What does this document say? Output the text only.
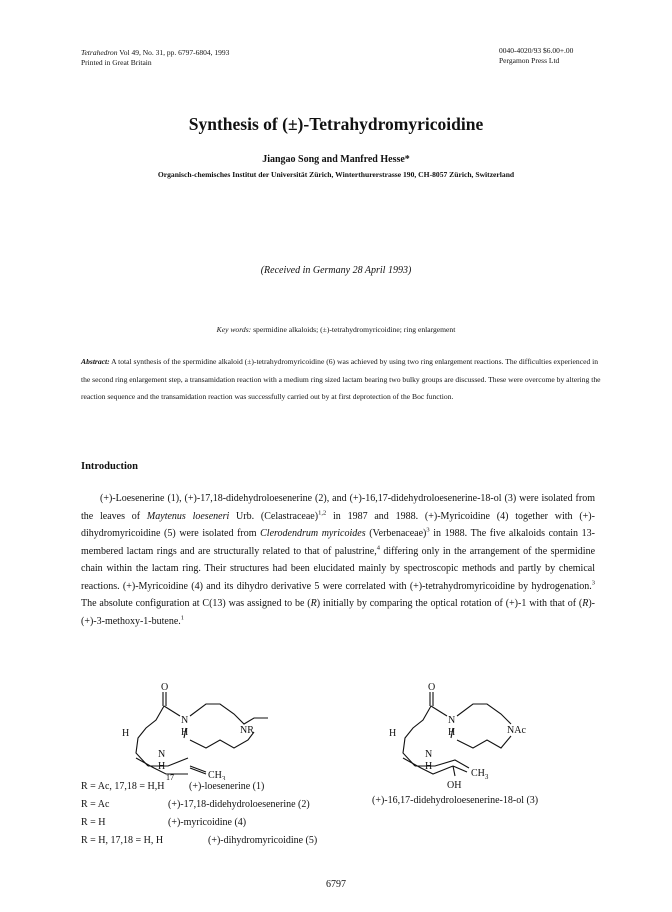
Tetrahedron Vol 49, No. 31, pp. 6797-6804, 1993
Printed in Great Britain
0040-4020/93 $6.00+.00
Pergamon Press Ltd
Synthesis of (±)-Tetrahydromyricoidine
Jiangao Song and Manfred Hesse*
Organisch-chemisches Institut der Universität Zürich, Winterthurerstrasse 190, CH-8057 Zürich, Switzerland
(Received in Germany 28 April 1993)
Key words: spermidine alkaloids; (±)-tetrahydromyricoidine; ring enlargement
Abstract: A total synthesis of the spermidine alkaloid (±)-tetrahydromyricoidine (6) was achieved by using two ring enlargement reactions. The difficulties experienced in the second ring enlargement step, a transamidation reaction with a medium ring sized lactam bearing two bulky groups are discussed. These were overcome by altering the reaction sequence and the transamidation reaction was successfully carried out by at first deprotection of the Boc function.
Introduction

(+)-Loesenerine (1), (+)-17,18-didehydroloesenerine (2), and (+)-16,17-didehydroloesenerine-18-ol (3) were isolated from the leaves of Maytenus loeseneri Urb. (Celastraceae)$^{1,2}$ in 1987 and 1988. (+)-Myricoidine (4) together with (+)-dihydromyricoidine (5) were isolated from Clerodendrum myricoides (Verbenaceae)$^3$ in 1988. The five alkaloids contain 13-membered lactam rings and are structurally related to that of palustrine,$^4$ differing only in the arrangement of the spermidine chain within the lactam ring. Their structures had been elucidated mainly by spectroscopic methods and partly by chemical reactions. (+)-Myricoidine (4) and its dihydro derivative 5 were correlated with (+)-tetrahydromyricoidine by hydrogenation.$^3$ The absolute configuration at C(13) was assigned to be (R) initially by comparing the optical rotation of (+)-1 with that of (R)-(+)-3-methoxy-1-butene.$^1$

O
N
H	NR
H
N
H
17	$CH_3$
O
N
H	NAc
H
N
H
$CH_3$
OH
R = Ac, 17,18 = H,H	(+)-loesenerine (1)
R = Ac	(+)-17,18-didehydroloesenerine (2)
R = H	(+)-myricoidine (4)
R = H, 17,18 = H, H	(+)-dihydromyricoidine (5)
(+)-16,17-didehydroloesenerine-18-ol (3)
6797
